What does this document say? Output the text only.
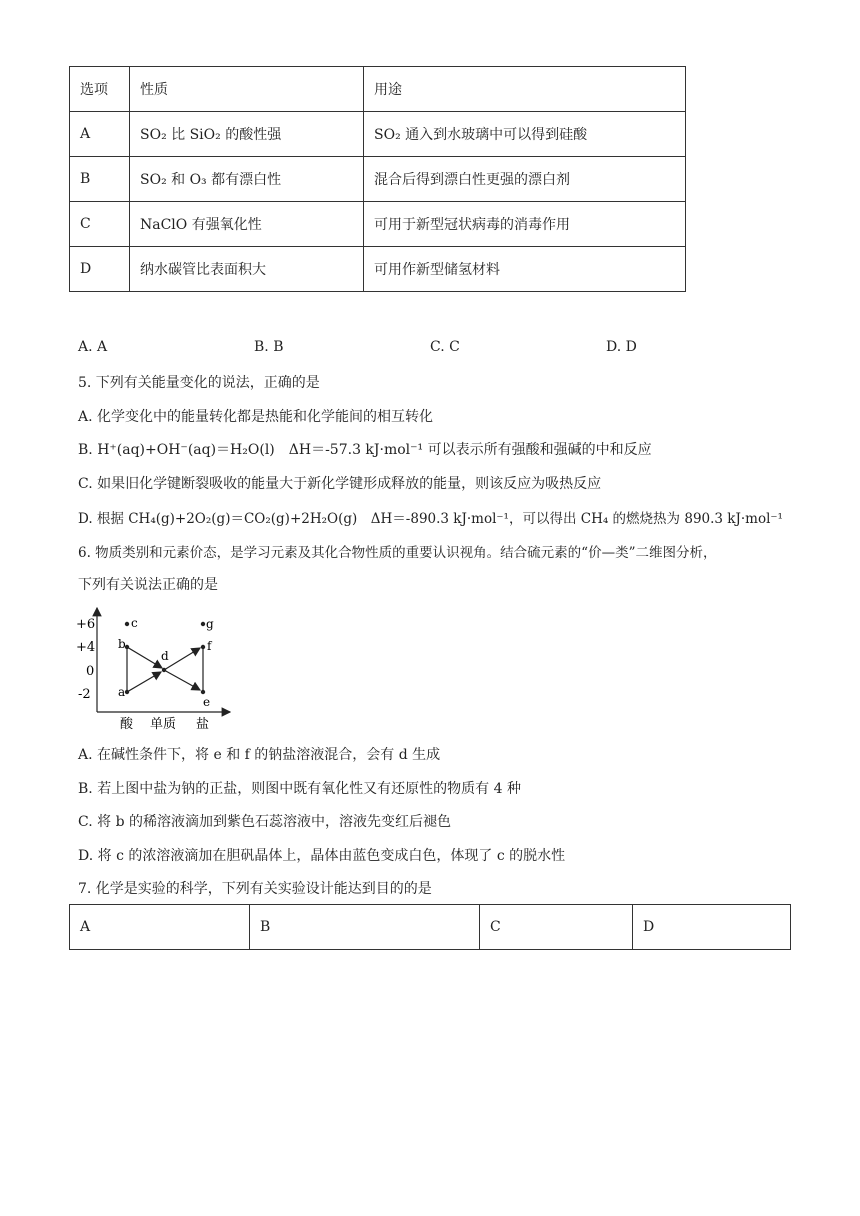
选项	性质	用途
A	SO₂ 比 SiO₂ 的酸性强	SO₂ 通入到水玻璃中可以得到硅酸
B	SO₂ 和 O₃ 都有漂白性	混合后得到漂白性更强的漂白剂
C	NaClO 有强氧化性	可用于新型冠状病毒的消毒作用
D	纳水碳管比表面积大	可用作新型储氢材料
A. A	B. B	C. C	D. D
5. 下列有关能量变化的说法，正确的是
A. 化学变化中的能量转化都是热能和化学能间的相互转化
B. H⁺(aq)+OH⁻(aq)＝H₂O(l)　ΔH＝-57.3 kJ·mol⁻¹ 可以表示所有强酸和强碱的中和反应
C. 如果旧化学键断裂吸收的能量大于新化学键形成释放的能量，则该反应为吸热反应
D. 根据 CH₄(g)+2O₂(g)＝CO₂(g)+2H₂O(g)　ΔH＝-890.3 kJ·mol⁻¹，可以得出 CH₄ 的燃烧热为 890.3 kJ·mol⁻¹
6. 物质类别和元素价态，是学习元素及其化合物性质的重要认识视角。结合硫元素的“价—类”二维图分析，
下列有关说法正确的是
+6
+4
0
-2
酸 单质 盐
a
b
c
d
e
f
g
A. 在碱性条件下，将 e 和 f 的钠盐溶液混合，会有 d 生成
B. 若上图中盐为钠的正盐，则图中既有氧化性又有还原性的物质有 4 种
C. 将 b 的稀溶液滴加到紫色石蕊溶液中，溶液先变红后褪色
D. 将 c 的浓溶液滴加在胆矾晶体上，晶体由蓝色变成白色，体现了 c 的脱水性
7. 化学是实验的科学，下列有关实验设计能达到目的的是
A	B	C	D
